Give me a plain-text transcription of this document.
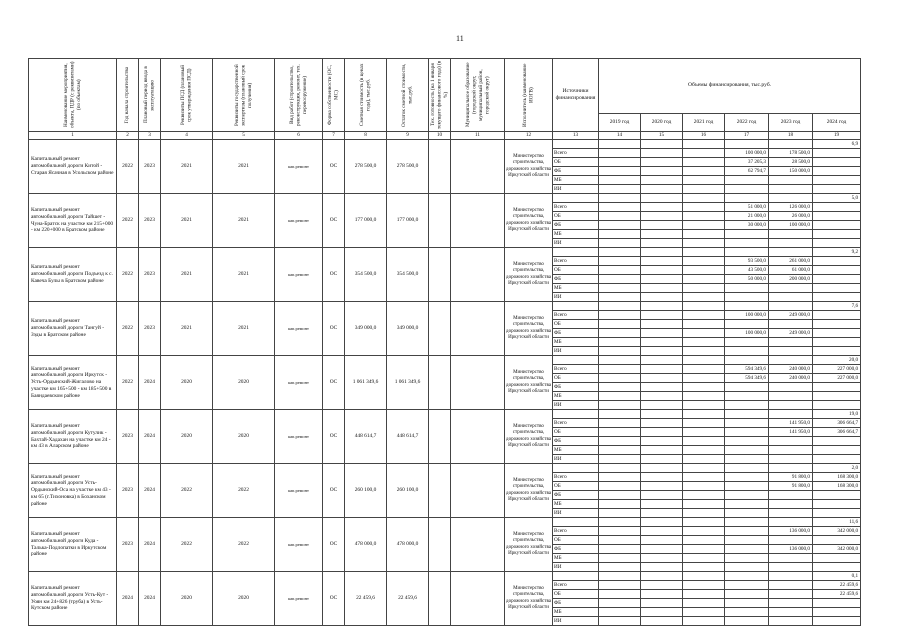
11
Наименование мероприятия, объекта, ПДР (с реквизитами) (по объектам)	Год начала строительства	Плановый период ввода в эксплуатацию	Реквизиты ПСД (плановый срок утверждения ПСД)	Реквизиты государственной экспертизы (плановый срок получения)	Вид работ (строительство, реконструкция, ремонт, тех. перевооружение)	Форма собственности (ОС, МС)	Сметная стоимость (в ценах года), тыс.руб.	Остаток сметной стоимости, тыс.руб.	Тех. готовность (на 1 января текущего финансового года) (в %)	Муниципальное образование (городской округ, муниципальный район, городской округ)	Исполнитель (наименование ИОГВ)	Источники финансирования	Объемы финансирования, тыс.руб.					
													2019 год	2020 год	2021 год	2022 год	2023 год	2024 год
1	2	3	4	5	6	7	8	9	10	11	12	13	14	15	16	17	18	19
Капитальный ремонт автомобильной дороги Китой - Старая Ясачная в Усольском районе	2022	2023	2021	2021	кап.ремонт	ОС	278 500,0	278 500,0			Министерство строительства, дорожного хозяйства Иркутской области							6,9
												Всего				100 000,0	178 500,0	
												ОБ				37 205,3	28 500,0	
												ФБ				62 794,7	150 000,0	
												МБ						
												ИИ						
Капитальный ремонт автомобильной дороги Тайшет - Чуна-Братск на участке км 215+000 - км 220+000 в Братском районе	2022	2023	2021	2021	кап.ремонт	ОС	177 000,0	177 000,0			Министерство строительства, дорожного хозяйства Иркутской области							5,0
												Всего				51 000,0	126 000,0	
												ОБ				21 000,0	26 000,0	
												ФБ				30 000,0	100 000,0	
												МБ						
												ИИ						
Капитальный ремонт автомобильной дороги Подъезд к с. Кавеча Булы в Братском районе	2022	2023	2021	2021	кап.ремонт	ОС	354 500,0	354 500,0			Министерство строительства, дорожного хозяйства Иркутской области							9,2
												Всего				93 500,0	261 000,0	
												ОБ				43 500,0	61 000,0	
												ФБ				50 000,0	200 000,0	
												МБ						
												ИИ						
Капитальный ремонт автомобильной дороги Тангуй - Зэды в Братском районе	2022	2023	2021	2021	кап.ремонт	ОС	349 000,0	349 000,0			Министерство строительства, дорожного хозяйства Иркутской области							7,6
												Всего				100 000,0	249 000,0	
												ОБ						
												ФБ				100 000,0	249 000,0	
												МБ						
												ИИ						
Капитальный ремонт автомобильной дороги Иркутск - Усть-Ордынский-Жигалово на участке км 165+500 - км 185+500 в Баяндаевском районе	2022	2024	2020	2020	кап.ремонт	ОС	1 061 349,6	1 061 349,6			Министерство строительства, дорожного хозяйства Иркутской области							20,0
												Всего				594 349,6	240 000,0	227 000,0
												ОБ				594 349,6	240 000,0	227 000,0
												ФБ						
												МБ						
												ИИ						
Капитальный ремонт автомобильной дороги Кутулик - Бахтай-Хадахан на участке км 24 - км 43 в Аларском районе	2023	2024	2020	2020	кап.ремонт	ОС	448 614,7	448 614,7			Министерство строительства, дорожного хозяйства Иркутской области							19,0
												Всего					141 950,0	306 664,7
												ОБ					141 950,0	306 664,7
												ФБ						
												МБ						
												ИИ						
Капитальный ремонт автомобильной дороги Усть-Ордынский-Оса на участке км 43 - км 65 (г.Тихоновка) в Боханском районе	2023	2024	2022	2022	кап.ремонт	ОС	260 100,0	260 100,0			Министерство строительства, дорожного хозяйства Иркутской области							2,0
												Всего					91 800,0	168 300,0
												ОБ					91 800,0	168 300,0
												ФБ						
												МБ						
												ИИ						
Капитальный ремонт автомобильной дороги Куда - Талька-Подлопатки в Иркутском районе	2023	2024	2022	2022	кап.ремонт	ОС	478 000,0	478 000,0			Министерство строительства, дорожного хозяйства Иркутской области							11,6
												Всего					136 000,0	342 000,0
												ОБ						
												ФБ					136 000,0	342 000,0
												МБ						
												ИИ						
Капитальный ремонт автомобильной дороги Усть-Кут - Уоян км 24+826 (труба) в Усть-Кутском районе	2024	2024	2020	2020	кап.ремонт	ОС	22 459,6	22 459,6			Министерство строительства, дорожного хозяйства Иркутской области							0,1
												Всего						22 459,6
												ОБ						22 459,6
												ФБ						
												МБ						
												ИИ						
